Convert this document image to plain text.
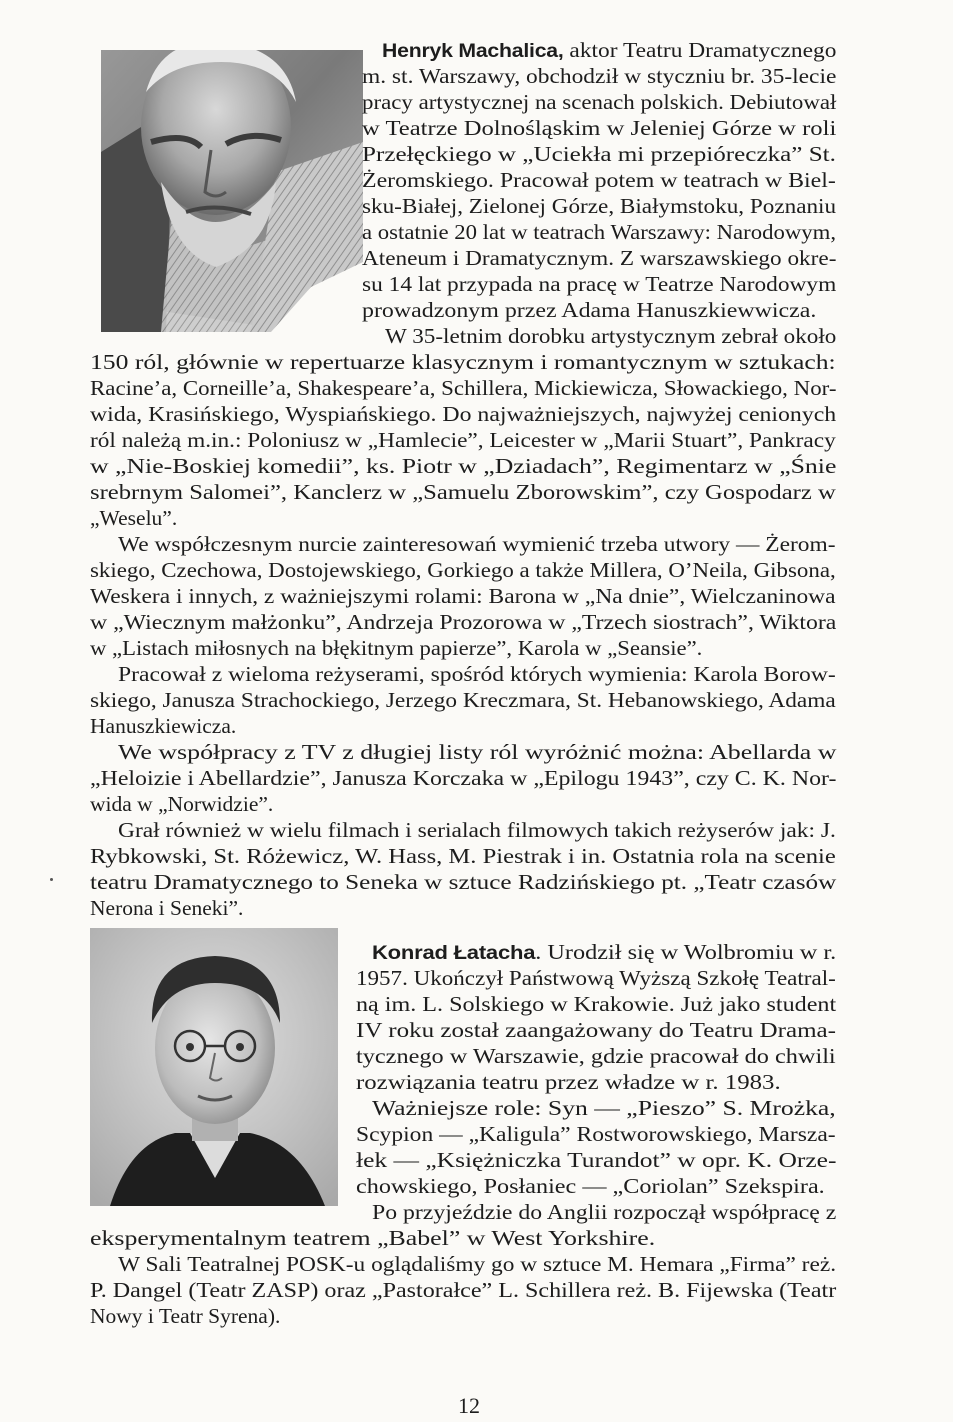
Henryk Machalica, aktor Teatru Dramatycznego
m. st. Warszawy, obchodził w styczniu br. 35-lecie
pracy artystycznej na scenach polskich. Debiutował
w Teatrze Dolnośląskim w Jeleniej Górze w roli
Przełęckiego w „Uciekła mi przepióreczka” St.
Żeromskiego. Pracował potem w teatrach w Biel-
sku-Białej, Zielonej Górze, Białymstoku, Poznaniu
a ostatnie 20 lat w teatrach Warszawy: Narodowym,
Ateneum i Dramatycznym. Z warszawskiego okre-
su 14 lat przypada na pracę w Teatrze Narodowym
prowadzonym przez Adama Hanuszkiewwicza.
W 35-letnim dorobku artystycznym zebrał około
150 ról, głównie w repertuarze klasycznym i romantycznym w sztukach:
Racine’a, Corneille’a, Shakespeare’a, Schillera, Mickiewicza, Słowackiego, Nor-
wida, Krasińskiego, Wyspiańskiego. Do najważniejszych, najwyżej cenionych
ról należą m.in.: Poloniusz w „Hamlecie”, Leicester w „Marii Stuart”, Pankracy
w „Nie-Boskiej komedii”, ks. Piotr w „Dziadach”, Regimentarz w „Śnie
srebrnym Salomei”, Kanclerz w „Samuelu Zborowskim”, czy Gospodarz w
„Weselu”.
We współczesnym nurcie zainteresowań wymienić trzeba utwory — Żerom-
skiego, Czechowa, Dostojewskiego, Gorkiego a także Millera, O’Neila, Gibsona,
Weskera i innych, z ważniejszymi rolami: Barona w „Na dnie”, Wielczaninowa
w „Wiecznym małżonku”, Andrzeja Prozorowa w „Trzech siostrach”, Wiktora
w „Listach miłosnych na błękitnym papierze”, Karola w „Seansie”.
Pracował z wieloma reżyserami, spośród których wymienia: Karola Borow-
skiego, Janusza Strachockiego, Jerzego Kreczmara, St. Hebanowskiego, Adama
Hanuszkiewicza.
We współpracy z TV z długiej listy ról wyróżnić można: Abellarda w
„Heloizie i Abellardzie”, Janusza Korczaka w „Epilogu 1943”, czy C. K. Nor-
wida w „Norwidzie”.
Grał również w wielu filmach i serialach filmowych takich reżyserów jak: J.
Rybkowski, St. Różewicz, W. Hass, M. Piestrak i in. Ostatnia rola na scenie
teatru Dramatycznego to Seneka w sztuce Radzińskiego pt. „Teatr czasów
Nerona i Seneki”.
Konrad Łatacha. Urodził się w Wolbromiu w r.
1957. Ukończył Państwową Wyższą Szkołę Teatral-
ną im. L. Solskiego w Krakowie. Już jako student
IV roku został zaangażowany do Teatru Drama-
tycznego w Warszawie, gdzie pracował do chwili
rozwiązania teatru przez władze w r. 1983.
Ważniejsze role: Syn — „Pieszo” S. Mrożka,
Scypion — „Kaligula” Rostworowskiego, Marsza-
łek — „Księżniczka Turandot” w opr. K. Orze-
chowskiego, Posłaniec — „Coriolan” Szekspira.
Po przyjeździe do Anglii rozpoczął współpracę z
eksperymentalnym teatrem „Babel” w West Yorkshire.
W Sali Teatralnej POSK-u oglądaliśmy go w sztuce M. Hemara „Firma” reż.
P. Dangel (Teatr ZASP) oraz „Pastorałce” L. Schillera reż. B. Fijewska (Teatr
Nowy i Teatr Syrena).
12
